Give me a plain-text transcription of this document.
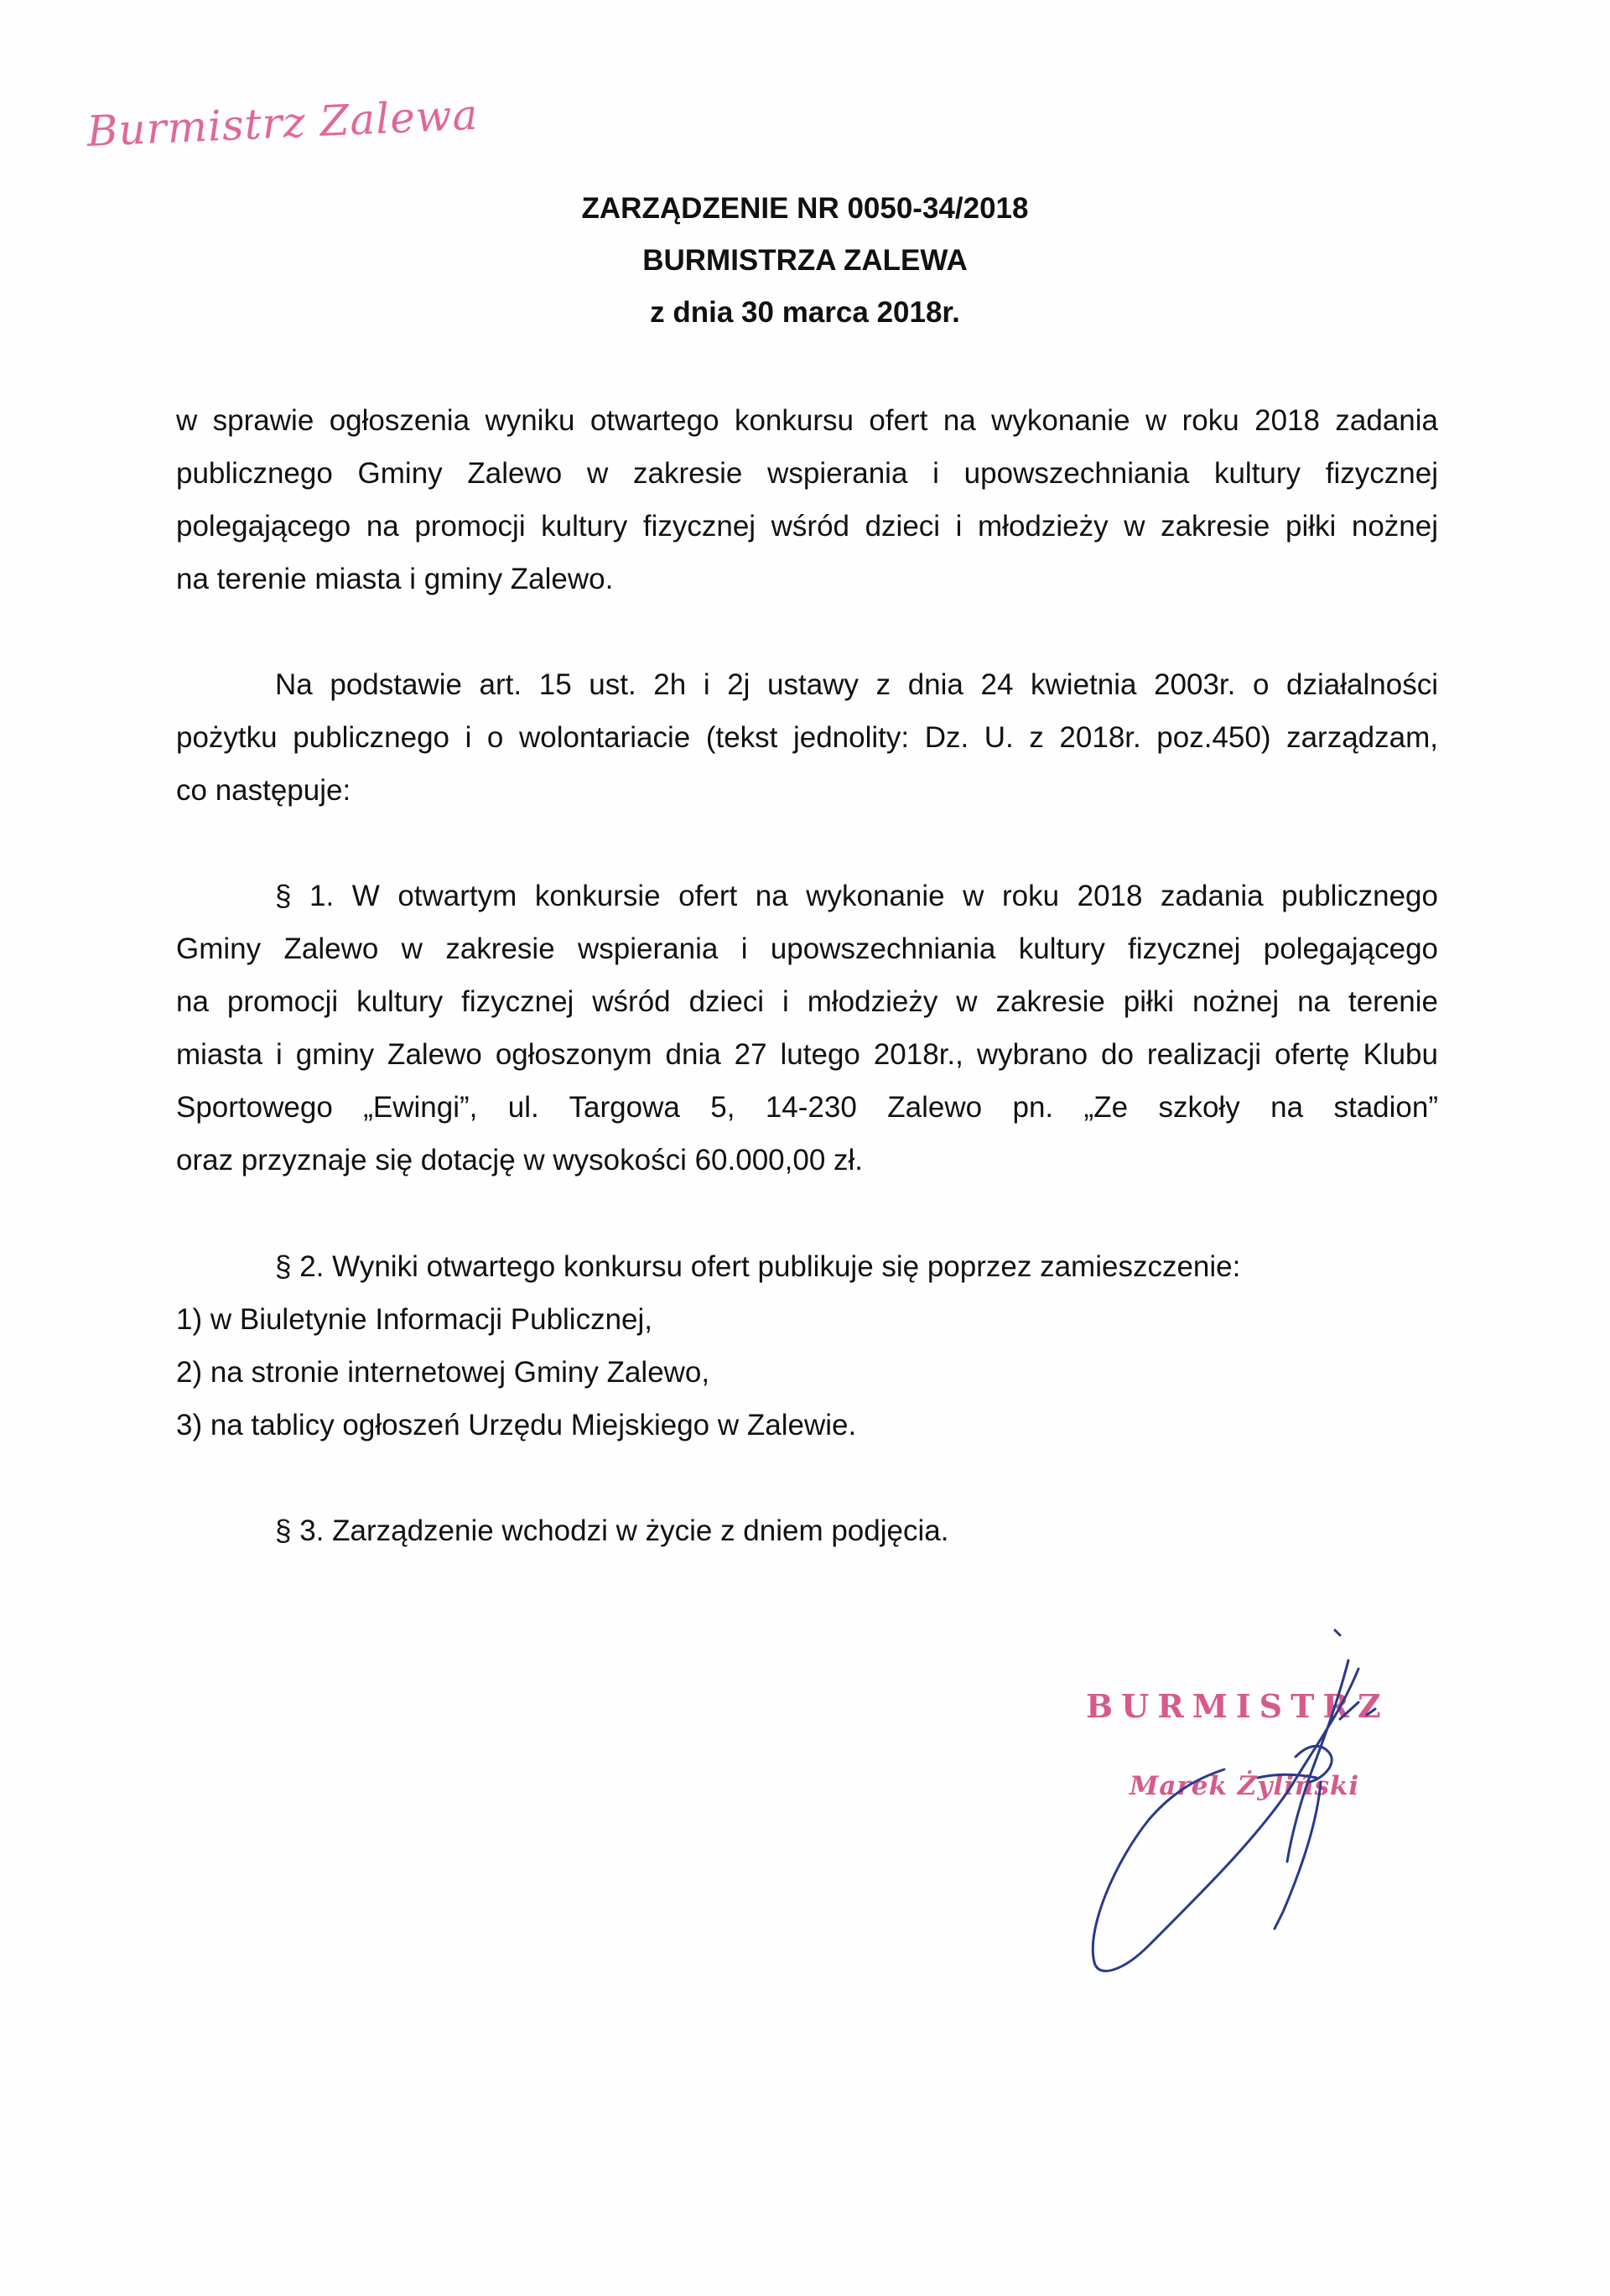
Burmistrz Zalewa
ZARZĄDZENIE NR 0050-34/2018
BURMISTRZA ZALEWA
z dnia 30 marca 2018r.
w sprawie ogłoszenia wyniku otwartego konkursu ofert na wykonanie w roku 2018 zadania
publicznego Gminy Zalewo w zakresie wspierania i upowszechniania kultury fizycznej
polegającego na promocji kultury fizycznej wśród dzieci i młodzieży w zakresie piłki nożnej
na terenie miasta i gminy Zalewo.
Na podstawie art. 15 ust. 2h i 2j ustawy z dnia 24 kwietnia 2003r. o działalności
pożytku publicznego i o wolontariacie (tekst jednolity: Dz. U. z 2018r. poz.450) zarządzam,
co następuje:
§ 1. W otwartym konkursie ofert na wykonanie w roku 2018 zadania publicznego
Gminy Zalewo w zakresie wspierania i upowszechniania kultury fizycznej polegającego
na promocji kultury fizycznej wśród dzieci i młodzieży w zakresie piłki nożnej na terenie
miasta i gminy Zalewo ogłoszonym dnia 27 lutego 2018r., wybrano do realizacji ofertę Klubu
Sportowego „Ewingi”, ul. Targowa 5, 14-230 Zalewo pn. „Ze szkoły na stadion”
oraz przyznaje się dotację w wysokości 60.000,00 zł.
§ 2. Wyniki otwartego konkursu ofert publikuje się poprzez zamieszczenie:
1) w Biuletynie Informacji Publicznej,
2) na stronie internetowej Gminy Zalewo,
3) na tablicy ogłoszeń Urzędu Miejskiego w Zalewie.
§ 3. Zarządzenie wchodzi w życie z dniem podjęcia.
BURMISTRZ
Marek Żyliński
